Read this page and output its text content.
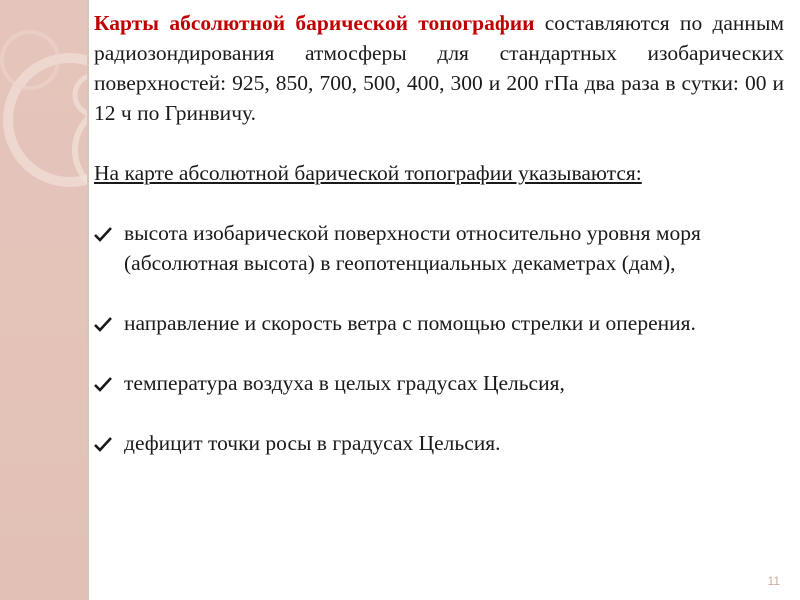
Карты абсолютной барической топографии составляются по данным радиозондирования атмосферы для стандартных изобарических поверхностей: 925, 850, 700, 500, 400, 300 и 200 гПа два раза в сутки: 00 и 12 ч по Гринвичу.

На карте абсолютной барической топографии указываются:

высота изобарической поверхности относительно уровня моря (абсолютная высота) в геопотенциальных декаметрах (дам),
направление и скорость ветра с помощью стрелки и оперения.
температура воздуха в целых градусах Цельсия,
дефицит точки росы в градусах Цельсия.
11
